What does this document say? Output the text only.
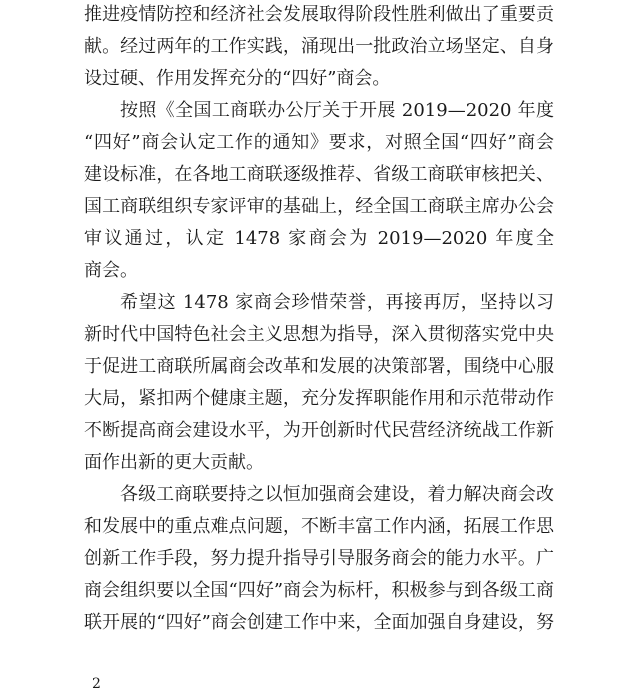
推进疫情防控和经济社会发展取得阶段性胜利做出了重要贡
献。经过两年的工作实践，涌现出一批政治立场坚定、自身
设过硬、作用发挥充分的“四好”商会。
按照《全国工商联办公厅关于开展 2019—2020 年度
“四好”商会认定工作的通知》要求，对照全国“四好”商会
建设标准，在各地工商联逐级推荐、省级工商联审核把关、
国工商联组织专家评审的基础上，经全国工商联主席办公会
审议通过，认定 1478 家商会为 2019—2020 年度全
商会。
希望这 1478 家商会珍惜荣誉，再接再厉，坚持以习
新时代中国特色社会主义思想为指导，深入贯彻落实党中央
于促进工商联所属商会改革和发展的决策部署，围绕中心服
大局，紧扣两个健康主题，充分发挥职能作用和示范带动作
不断提高商会建设水平，为开创新时代民营经济统战工作新
面作出新的更大贡献。
各级工商联要持之以恒加强商会建设，着力解决商会改
和发展中的重点难点问题，不断丰富工作内涵，拓展工作思
创新工作手段，努力提升指导引导服务商会的能力水平。广
商会组织要以全国“四好”商会为标杆，积极参与到各级工商
联开展的“四好”商会创建工作中来，全面加强自身建设，努
2
